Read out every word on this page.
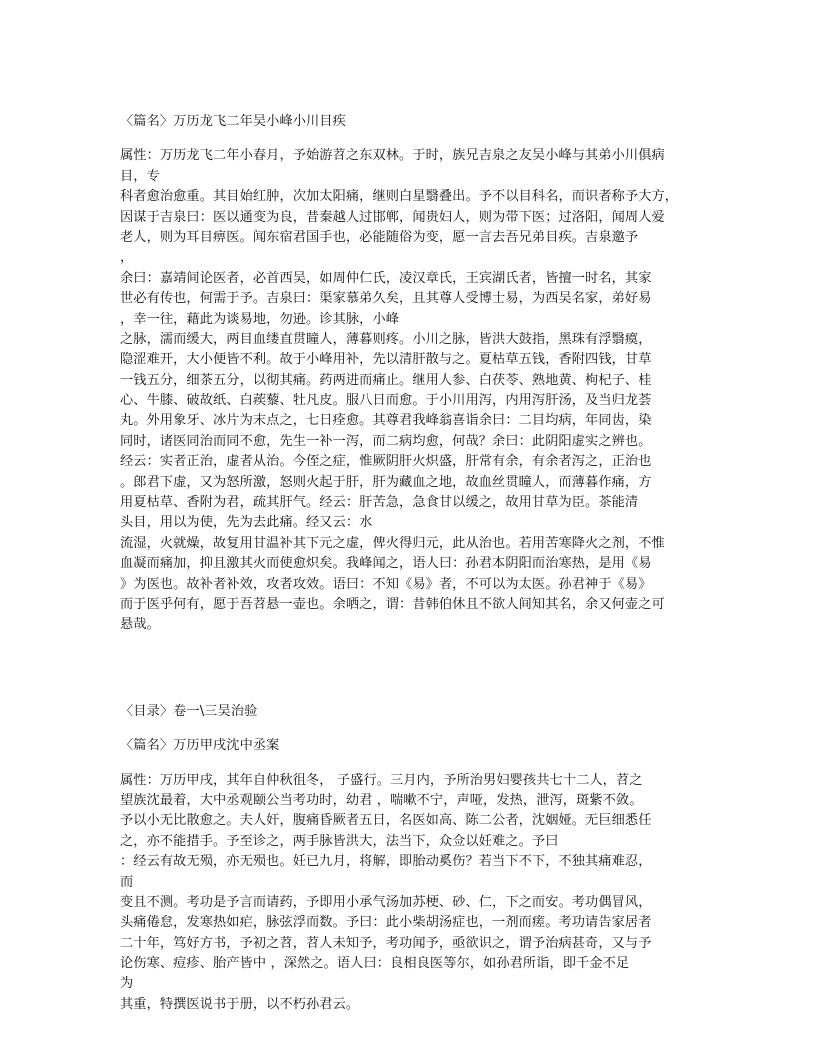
〈篇名〉万历龙飞二年吴小峰小川目疾
属性：万历龙飞二年小春月，予始游苕之东双林。于时，族兄吉泉之友吴小峰与其弟小川俱病
目，专
科者愈治愈重。其目始红肿，次加太阳痛，继则白星翳叠出。予不以目科名，而识者称予大方，
因谋于吉泉曰：医以通变为良，昔秦越人过邯郸，闻贵妇人，则为带下医；过洛阳，闻周人爱
老人，则为耳目痹医。闻东宿君国手也，必能随俗为变，愿一言去吾兄弟目疾。吉泉邀予
，
余曰：嘉靖间论医者，必首西吴，如周仲仁氏，凌汉章氏，王宾湖氏者，皆擅一时名，其家
世必有传也，何需于予。吉泉曰：渠家慕弟久矣，且其尊人受博士易，为西吴名家，弟好易
，幸一往，藉此为谈易地，勿逊。诊其脉，小峰
之脉，濡而缓大，两目血缕直贯瞳人，薄暮则疼。小川之脉，皆洪大鼓指，黑珠有浮翳瘼，
隐涩难开，大小便皆不利。故于小峰用补，先以清肝散与之。夏枯草五钱，香附四钱，甘草
一钱五分，细茶五分，以彻其痛。药两进而痛止。继用人参、白茯苓、熟地黄、枸杞子、桂
心、牛膝、破故纸、白蒺藜、牡凡皮。服八日而愈。于小川用泻，内用泻肝汤，及当归龙荟
丸。外用象牙、冰片为末点之，七日痊愈。其尊君我峰翁喜诣余曰：二目均病，年同齿，染
同时，诸医同治而同不愈，先生一补一泻，而二病均愈，何哉？余曰：此阴阳虚实之辨也。
经云：实者正治，虚者从治。今侄之症，惟厥阴肝火炽盛，肝常有余，有余者泻之，正治也
。郎君下虚，又为怒所激，怒则火起于肝，肝为藏血之地，故血丝贯瞳人，而薄暮作痛，方
用夏枯草、香附为君，疏其肝气。经云：肝苦急，急食甘以缓之，故用甘草为臣。茶能清
头目，用以为使，先为去此痛。经又云：水
流湿，火就燥，故复用甘温补其下元之虚，俾火得归元，此从治也。若用苦寒降火之剂，不惟
血凝而痛加，抑且激其火而使愈炽矣。我峰闻之，语人曰：孙君本阴阳而治寒热，是用《易
》为医也。故补者补效，攻者攻效。语曰：不知《易》者，不可以为太医。孙君神于《易》
而于医乎何有，愿于吾苕悬一壶也。余哂之，谓：昔韩伯休且不欲人间知其名，余又何壶之可
悬哉。
〈目录〉卷一\三吴治验
〈篇名〉万历甲戌沈中丞案
属性：万历甲戌，其年自仲秋徂冬， 子盛行。三月内，予所治男妇婴孩共七十二人，苕之
望族沈最着，大中丞观颐公当考功时，幼君 ，喘嗽不宁，声哑，发热，泄泻，斑紫不敛。
予以小无比散愈之。夫人奸，腹痛昏厥者五日，名医如高、陈二公者，沈姻娅。无巨细悉任
之，亦不能措手。予至诊之，两手脉皆洪大，法当下，众佥以妊难之。予曰
：经云有故无殒，亦无殒也。妊已九月，将解，即胎动奚伤？若当下不下，不独其痛难忍，
而
变且不测。考功是予言而请药，予即用小承气汤加苏梗、砂、仁，下之而安。考功偶冒风，
头痛倦怠，发寒热如疟，脉弦浮而数。予曰：此小柴胡汤症也，一剂而瘥。考功请告家居者
二十年，笃好方书，予初之苕，苕人未知予，考功闻予，亟欲识之，谓予治病甚奇，又与予
论伤寒、痘疹、胎产皆中 ，深然之。语人曰：良相良医等尔，如孙君所诣，即千金不足
为
其重，特撰医说书于册，以不朽孙君云。
